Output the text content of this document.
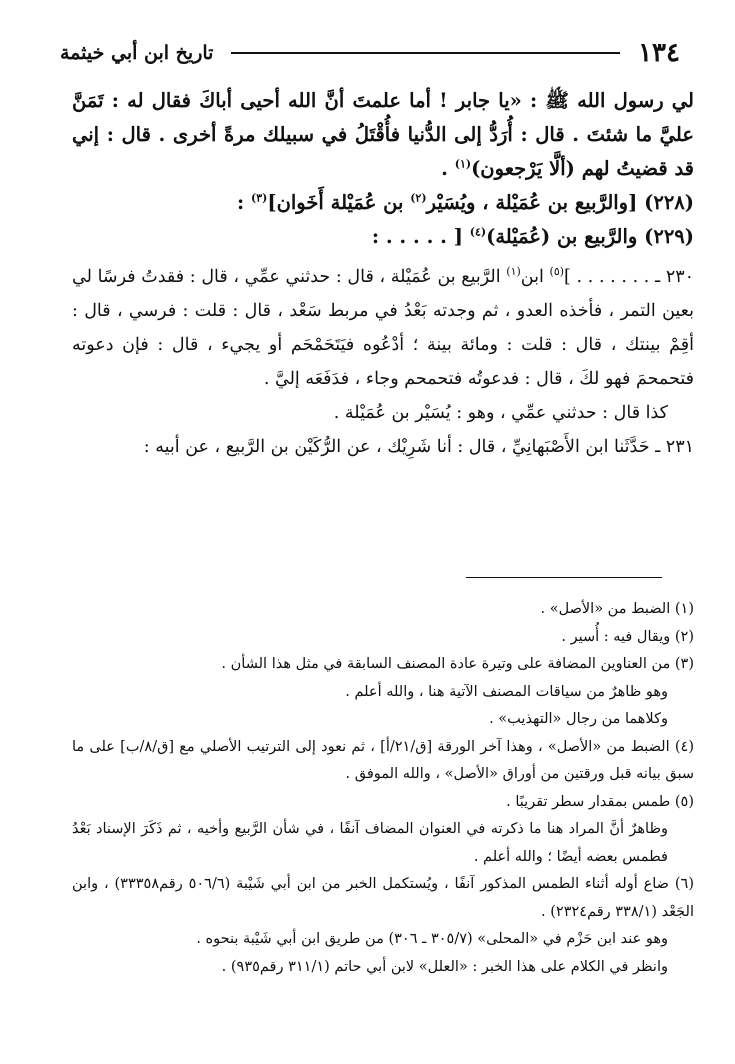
١٣٤
تاريخ ابن أبي خيثمة

لي رسول الله ﷺ : «يا جابر ! أما علمتَ أنَّ الله أحيى أباكَ فقال له : تَمَنَّ عليَّ ما شئتَ . قال : أُرَدُّ إلى الدُّنيا فأُقْتَلُ في سبيلك مرةً أخرى . قال : إني قد قضيتُ لهم (ألَّا يَرْجعون)$^{(١)}$ .

(٢٢٨) [والرَّبيع بن عُمَيْلة ، ويُسَيْر$^{(٢)}$ بن عُمَيْلة أَخَوان]$^{(٣)}$ :

(٢٢٩) والرَّبيع بن (عُمَيْلة)$^{(٤)}$ [ . . . . . :

٢٣٠ ـ . . . . . . . ]$^{(٥)}$ ابن$^{(١)}$ الرَّبيع بن عُمَيْلة ، قال : حدثني عمِّي ، قال : فقدتُ فرسًا لي بعين التمر ، فأخذه العدو ، ثم وجدته بَعْدُ في مربط سَعْد ، قال : قلت : فرسي ، قال : أقِمْ بينتك ، قال : قلت : ومائة بينة ؛ أدْعُوه فيَتَحَمْحَم أو يجيء ، قال : فإن دعوته فتحمحمَ فهو لكَ ، قال : فدعوتُه فتحمحم وجاء ، فدَفَعَه إليَّ .

كذا قال : حدثني عمِّي ، وهو : يُسَيْر بن عُمَيْلة .

٢٣١ ـ حَدَّثَنا ابن الأَصْبَهانِيِّ ، قال : أنا شَرِيْك ، عن الرُّكَيْن بن الرَّبيع ، عن أبيه :

(١) الضبط من «الأصل» .

(٢) ويقال فيه : أُسير .

(٣) من العناوين المضافة على وتيرة عادة المصنف السابقة في مثل هذا الشأن .

وهو ظاهرٌ من سياقات المصنف الآتية هنا ، والله أعلم .

وكلاهما من رجال «التهذيب» .

(٤) الضبط من «الأصل» ، وهذا آخر الورقة [ق/٢١/أ] ، ثم نعود إلى الترتيب الأصلي مع [ق/٨/ب] على ما سبق بيانه قبل ورقتين من أوراق «الأصل» ، والله الموفق .

(٥) طمس بمقدار سطر تقريبًا .

وظاهرٌ أنَّ المراد هنا ما ذكرته في العنوان المضاف آنفًا ، في شأن الرَّبيع وأخيه ، ثم ذَكَرَ الإسناد بَعْدُ فطمس بعضه أيضًا ؛ والله أعلم .

(٦) ضاع أوله أثناء الطمس المذكور آنفًا ، ويُستكمل الخبر من ابن أبي شَيْبة (٥٠٦/٦ رقم٣٣٣٥٨) ، وابن الجَعْد (٣٣٨/١ رقم٢٣٢٤) .

وهو عند ابن حَزْم في «المحلى» (٣٠٥/٧ ـ ٣٠٦) من طريق ابن أبي شَيْبة بنحوه .

وانظر في الكلام على هذا الخبر : «العلل» لابن أبي حاتم (٣١١/١ رقم٩٣٥) .
